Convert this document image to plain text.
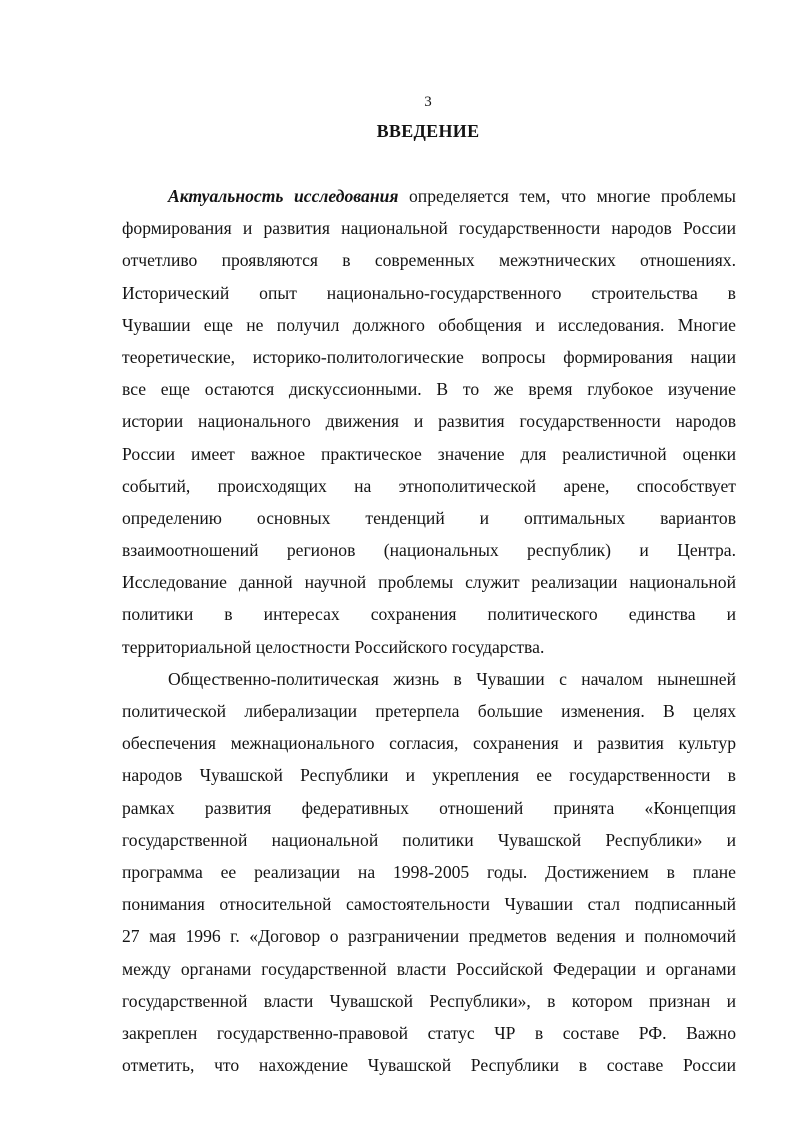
3
ВВЕДЕНИЕ
Актуальность исследования определяется тем, что многие проблемы
формирования и развития национальной государственности народов России
отчетливо проявляются в современных межэтнических отношениях.
Исторический опыт национально-государственного строительства в
Чувашии еще не получил должного обобщения и исследования. Многие
теоретические, историко-политологические вопросы формирования нации
все еще остаются дискуссионными. В то же время глубокое изучение
истории национального движения и развития государственности народов
России имеет важное практическое значение для реалистичной оценки
событий, происходящих на этнополитической арене, способствует
определению основных тенденций и оптимальных вариантов
взаимоотношений регионов (национальных республик) и Центра.
Исследование данной научной проблемы служит реализации национальной
политики в интересах сохранения политического единства и
территориальной целостности Российского государства.
Общественно-политическая жизнь в Чувашии с началом нынешней
политической либерализации претерпела большие изменения. В целях
обеспечения межнационального согласия, сохранения и развития культур
народов Чувашской Республики и укрепления ее государственности в
рамках развития федеративных отношений принята «Концепция
государственной национальной политики Чувашской Республики» и
программа ее реализации на 1998-2005 годы. Достижением в плане
понимания относительной самостоятельности Чувашии стал подписанный
27 мая 1996 г. «Договор о разграничении предметов ведения и полномочий
между органами государственной власти Российской Федерации и органами
государственной власти Чувашской Республики», в котором признан и
закреплен государственно-правовой статус ЧР в составе РФ. Важно
отметить, что нахождение Чувашской Республики в составе России
